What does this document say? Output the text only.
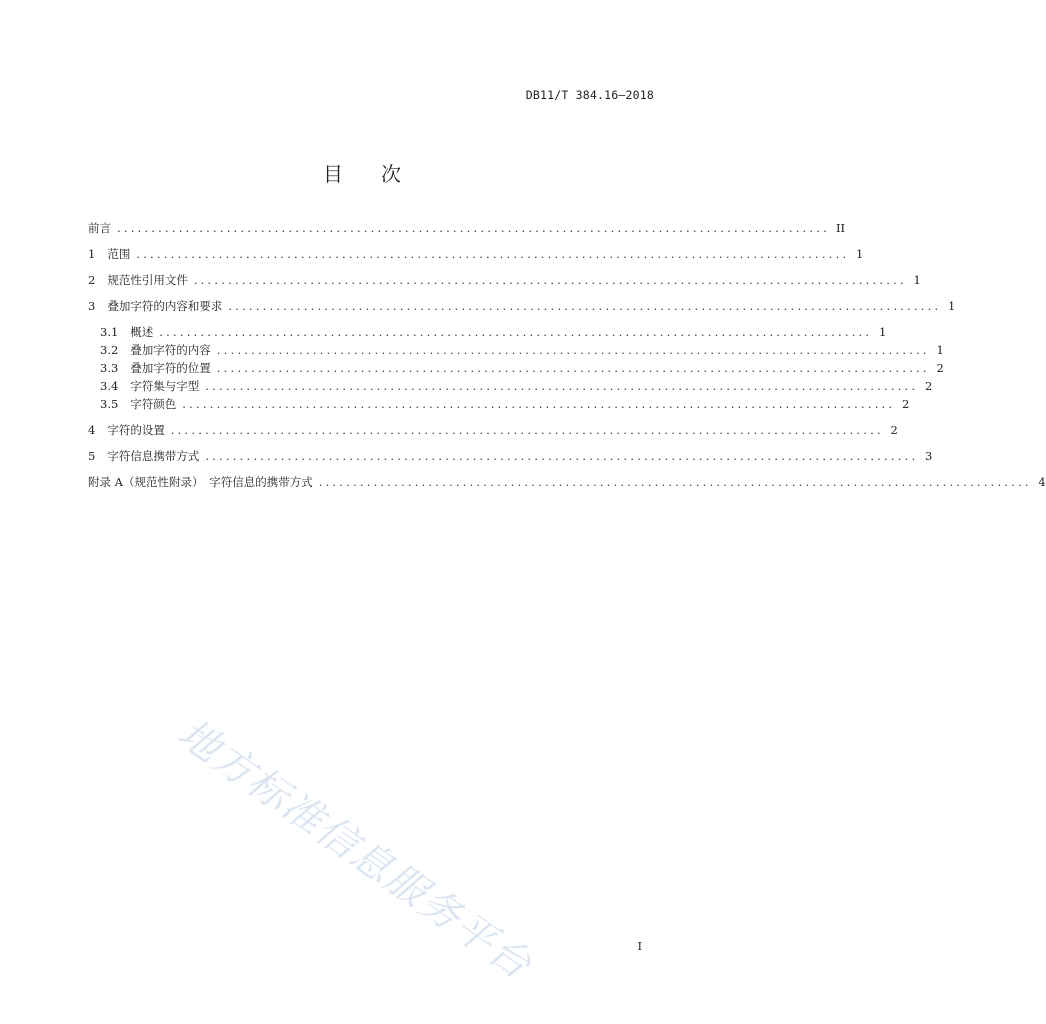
DB11/T 384.16—2018
目 次
前言 ........................................................................................................ II
1 范围 ........................................................................................................ 1
2 规范性引用文件 ........................................................................................................ 1
3 叠加字符的内容和要求 ........................................................................................................ 1
3.1 概述 ........................................................................................................ 1
3.2 叠加字符的内容 ........................................................................................................ 1
3.3 叠加字符的位置 ........................................................................................................ 2
3.4 字符集与字型 ........................................................................................................ 2
3.5 字符颜色 ........................................................................................................ 2
4 字符的设置 ........................................................................................................ 2
5 字符信息携带方式 ........................................................................................................ 3
附录 A（规范性附录）　字符信息的携带方式 ........................................................................................................ 4
地方标准信息服务平台	I
